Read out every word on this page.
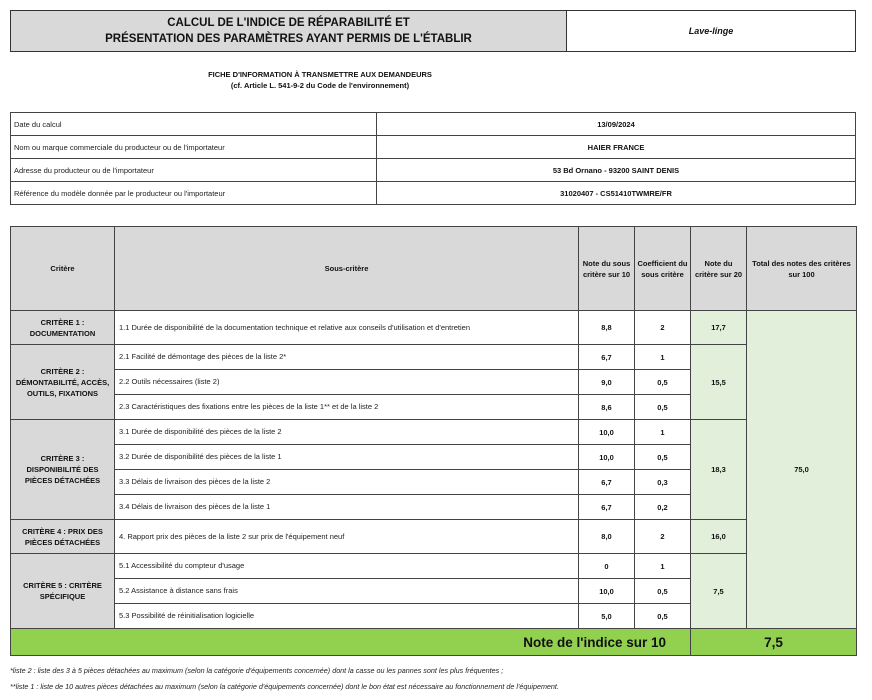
CALCUL DE L'INDICE DE RÉPARABILITÉ ET
PRÉSENTATION DES PARAMÈTRES AYANT PERMIS DE L'ÉTABLIR
Lave-linge
FICHE D'INFORMATION À TRANSMETTRE AUX DEMANDEURS
(cf. Article L. 541-9-2 du Code de l'environnement)
Date du calcul	13/09/2024
Nom ou marque commerciale du producteur ou de l'importateur	HAIER FRANCE
Adresse du producteur ou de l'importateur	53 Bd Ornano - 93200 SAINT DENIS
Référence du modèle donnée par le producteur ou l'importateur	31020407 - CS51410TWMRE/FR
Critère	Sous-critère	Note du sous critère sur 10	Coefficient du sous critère	Note du critère sur 20	Total des notes des critères sur 100
CRITÈRE 1 : DOCUMENTATION	1.1 Durée de disponibilité de la documentation technique et relative aux conseils d'utilisation et d'entretien	8,8	2	17,7	75,0
CRITÈRE 2 : DÉMONTABILITÉ, ACCÈS, OUTILS, FIXATIONS	2.1 Facilité de démontage des pièces de la liste 2*	6,7	1	15,5	
	2.2 Outils nécessaires (liste 2)	9,0	0,5		
	2.3 Caractéristiques des fixations entre les pièces de la liste 1** et de la liste 2	8,6	0,5		
CRITÈRE 3 : DISPONIBILITÉ DES PIÈCES DÉTACHÉES	3.1 Durée de disponibilité des pièces de la liste 2	10,0	1	18,3	
	3.2 Durée de disponibilité des pièces de la liste 1	10,0	0,5		
	3.3 Délais de livraison des pièces de la liste 2	6,7	0,3		
	3.4 Délais de livraison des pièces de la liste 1	6,7	0,2		
CRITÈRE 4 : PRIX DES PIÈCES DÉTACHÉES	4. Rapport prix des pièces de la liste 2 sur prix de l'équipement neuf	8,0	2	16,0	
CRITÈRE 5 : CRITÈRE SPÉCIFIQUE	5.1 Accessibilité du compteur d'usage	0	1	7,5	
	5.2 Assistance à distance sans frais	10,0	0,5		
	5.3 Possibilité de réinitialisation logicielle	5,0	0,5		
Note de l'indice sur 10				7,5	
*liste 2 : liste des 3 à 5 pièces détachées au maximum (selon la catégorie d'équipements concernée) dont la casse ou les pannes sont les plus fréquentes ;
**liste 1 : liste de 10 autres pièces détachées au maximum (selon la catégorie d'équipements concernée) dont le bon état est nécessaire au fonctionnement de l'équipement.
